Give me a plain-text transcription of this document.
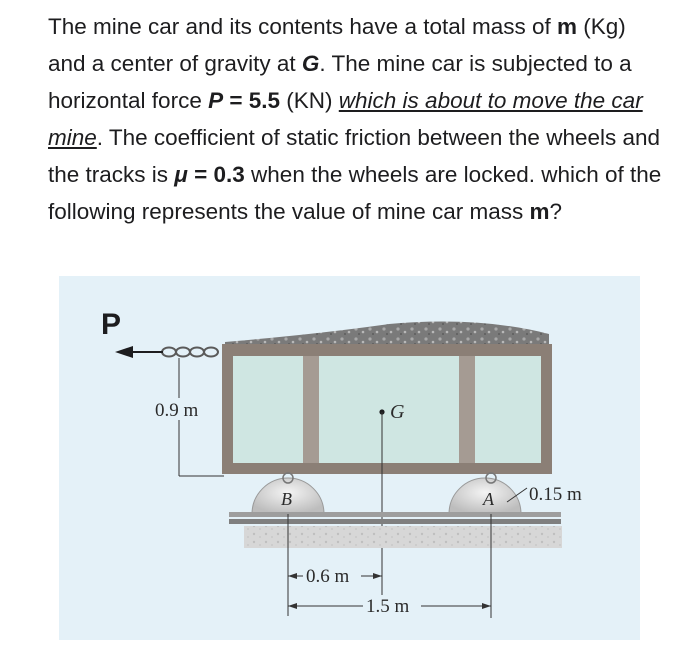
The mine car and its contents have a total mass of m (Kg) and a center of gravity at G. The mine car is subjected to a horizontal force P = 5.5 (KN) which is about to move the car mine. The coefficient of static friction between the wheels and the tracks is μ = 0.3 when the wheels are locked. which of the following represents the value of mine car mass m?

P
0.9 m	G
B	A 0.15 m
0.6 m
1.5 m
